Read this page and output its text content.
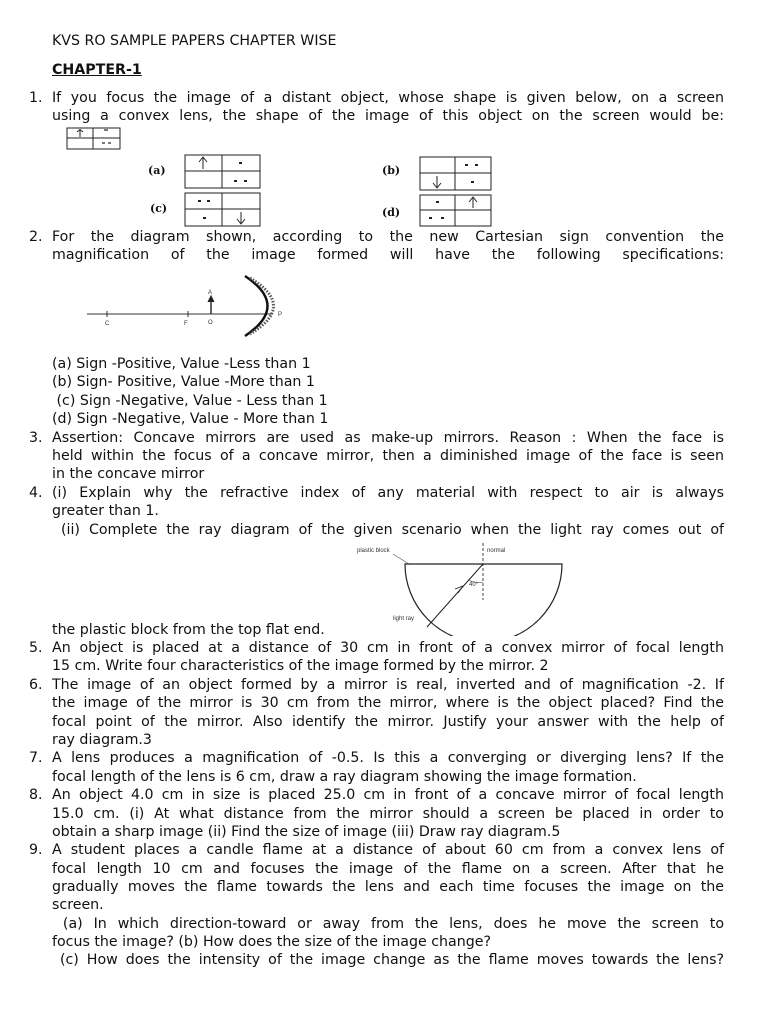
KVS RO SAMPLE PAPERS CHAPTER WISE
CHAPTER-1
1. If you focus the image of a distant object, whose shape is given below, on a screen
using a convex lens, the shape of the image of this object on the screen would be:
(a)	(b)
(c)	(d)
2. For the diagram shown, according to the new Cartesian sign convention the
magnification of the image formed will have the following specifications:
C	F
A
O
P
(a) Sign -Positive, Value -Less than 1
(b) Sign- Positive, Value -More than 1
(c) Sign -Negative, Value - Less than 1
(d) Sign -Negative, Value - More than 1
3. Assertion: Concave mirrors are used as make-up mirrors. Reason : When the face is
held within the focus of a concave mirror, then a diminished image of the face is seen
in the concave mirror
4. (i) Explain why the refractive index of any material with respect to air is always
greater than 1.
(ii) Complete the ray diagram of the given scenario when the light ray comes out of
plastic block	normal
40°
light ray
the plastic block from the top flat end.
5. An object is placed at a distance of 30 cm in front of a convex mirror of focal length
15 cm. Write four characteristics of the image formed by the mirror. 2
6. The image of an object formed by a mirror is real, inverted and of magnification -2. If
the image of the mirror is 30 cm from the mirror, where is the object placed? Find the
focal point of the mirror. Also identify the mirror. Justify your answer with the help of
ray diagram.3
7. A lens produces a magnification of -0.5. Is this a converging or diverging lens? If the
focal length of the lens is 6 cm, draw a ray diagram showing the image formation.
8. An object 4.0 cm in size is placed 25.0 cm in front of a concave mirror of focal length
15.0 cm. (i) At what distance from the mirror should a screen be placed in order to
obtain a sharp image (ii) Find the size of image (iii) Draw ray diagram.5
9. A student places a candle flame at a distance of about 60 cm from a convex lens of
focal length 10 cm and focuses the image of the flame on a screen. After that he
gradually moves the flame towards the lens and each time focuses the image on the
screen.
(a) In which direction-toward or away from the lens, does he move the screen to
focus the image? (b) How does the size of the image change?
(c) How does the intensity of the image change as the flame moves towards the lens?
